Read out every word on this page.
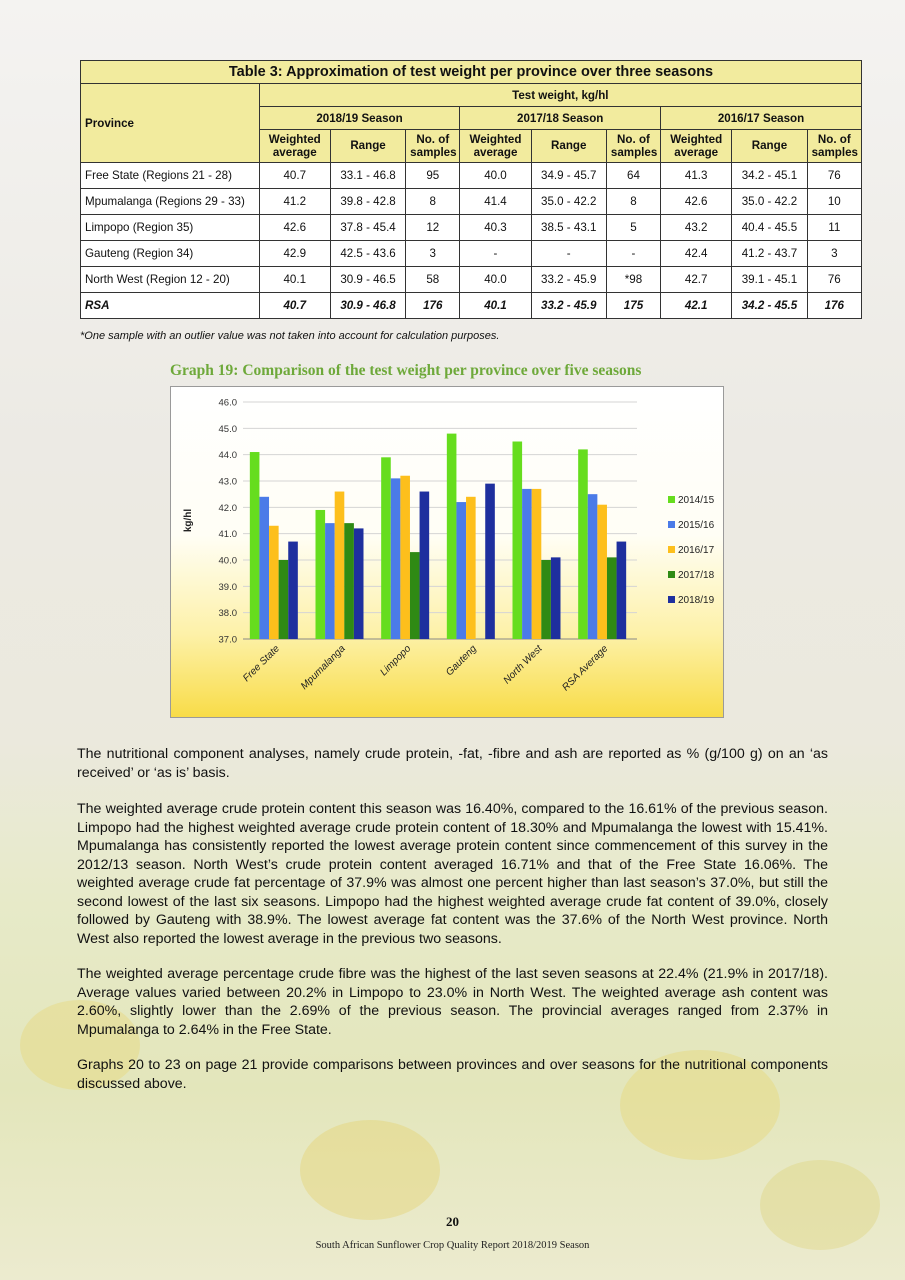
Table 3: Approximation of test weight per province over three seasons									
Province	Test weight, kg/hl								
	2018/19 Season			2017/18 Season			2016/17 Season		
	Weighted average	Range	No. of samples	Weighted average	Range	No. of samples	Weighted average	Range	No. of samples
Free State (Regions 21 - 28)	40.7	33.1 - 46.8	95	40.0	34.9 - 45.7	64	41.3	34.2 - 45.1	76
Mpumalanga (Regions 29 - 33)	41.2	39.8 - 42.8	8	41.4	35.0 - 42.2	8	42.6	35.0 - 42.2	10
Limpopo (Region 35)	42.6	37.8 - 45.4	12	40.3	38.5 - 43.1	5	43.2	40.4 - 45.5	11
Gauteng (Region 34)	42.9	42.5 - 43.6	3	-	-	-	42.4	41.2 - 43.7	3
North West (Region 12 - 20)	40.1	30.9 - 46.5	58	40.0	33.2 - 45.9	*98	42.7	39.1 - 45.1	76
RSA	40.7	30.9 - 46.8	176	40.1	33.2 - 45.9	175	42.1	34.2 - 45.5	176
*One sample with an outlier value was not taken into account for calculation purposes.
Graph 19: Comparison of the test weight per province over five seasons
37.0
38.0
39.0
40.0
41.0
42.0
43.0
44.0
45.0
46.0
kg/hl
Free State Mpumalanga	Limpopo	Gauteng North West RSA Average
2014/15
2015/16
2016/17
2017/18
2018/19

The nutritional component analyses, namely crude protein, -fat, -fibre and ash are reported as % (g/100 g) on an ‘as received’ or ‘as is’ basis.

The weighted average crude protein content this season was 16.40%, compared to the 16.61% of the previous season. Limpopo had the highest weighted average crude protein content of 18.30% and Mpumalanga the lowest with 15.41%. Mpumalanga has consistently reported the lowest average protein content since commencement of this survey in the 2012/13 season. North West’s crude protein content averaged 16.71% and that of the Free State 16.06%. The weighted average crude fat percentage of 37.9% was almost one percent higher than last season’s 37.0%, but still the second lowest of the last six seasons. Limpopo had the highest weighted average crude fat content of 39.0%, closely followed by Gauteng with 38.9%. The lowest average fat content was the 37.6% of the North West province. North West also reported the lowest average in the previous two seasons.

The weighted average percentage crude fibre was the highest of the last seven seasons at 22.4% (21.9% in 2017/18). Average values varied between 20.2% in Limpopo to 23.0% in North West. The weighted average ash content was 2.60%, slightly lower than the 2.69% of the previous season. The provincial averages ranged from 2.37% in Mpumalanga to 2.64% in the Free State.

Graphs 20 to 23 on page 21 provide comparisons between provinces and over seasons for the nutritional components discussed above.

20
South African Sunflower Crop Quality Report 2018/2019 Season
